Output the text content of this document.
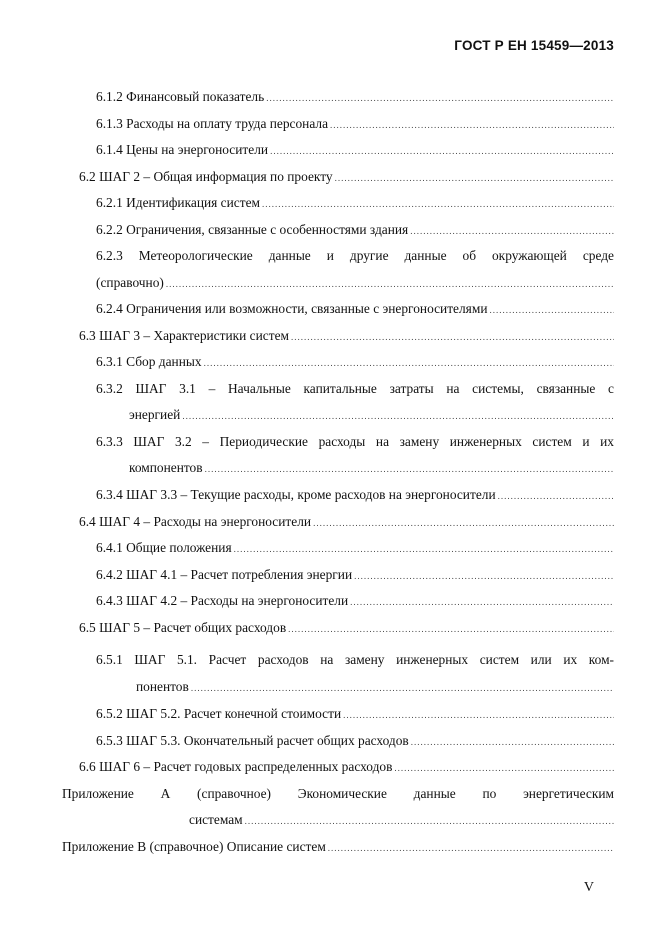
ГОСТ Р ЕН 15459—2013
6.1.2 Финансовый показатель
.....
6.1.3 Расходы на оплату труда персонала
.....
6.1.4 Цены на энергоносители
.....
6.2 ШАГ 2 – Общая информация по проекту
.....
6.2.1 Идентификация систем
.....
6.2.2 Ограничения, связанные с особенностями здания
.....
6.2.3 Метеорологические данные и другие данные об окружающей среде
(справочно)
.....
6.2.4 Ограничения или возможности, связанные с энергоносителями
.....
6.3 ШАГ 3 – Характеристики систем
.....
6.3.1 Сбор данных
.....
6.3.2 ШАГ 3.1 – Начальные капитальные затраты на системы, связанные с
энергией
.....
6.3.3 ШАГ 3.2 – Периодические расходы на замену инженерных систем и их
компонентов
.....
6.3.4 ШАГ 3.3 – Текущие расходы, кроме расходов на энергоносители
.....
6.4 ШАГ 4 – Расходы на энергоносители
.....
6.4.1 Общие положения
.....
6.4.2 ШАГ 4.1 – Расчет потребления энергии
.....
6.4.3 ШАГ 4.2 – Расходы на энергоносители
.....
6.5 ШАГ 5 – Расчет общих расходов
.....
6.5.1 ШАГ 5.1. Расчет расходов на замену инженерных систем или их ком-
понентов
.....
6.5.2 ШАГ 5.2. Расчет конечной стоимости
.....
6.5.3 ШАГ 5.3. Окончательный расчет общих расходов
.....
6.6 ШАГ 6 – Расчет годовых распределенных расходов
.....
Приложение А (справочное) Экономические данные по энергетическим
системам
.....
Приложение В (справочное) Описание систем
.....
V
